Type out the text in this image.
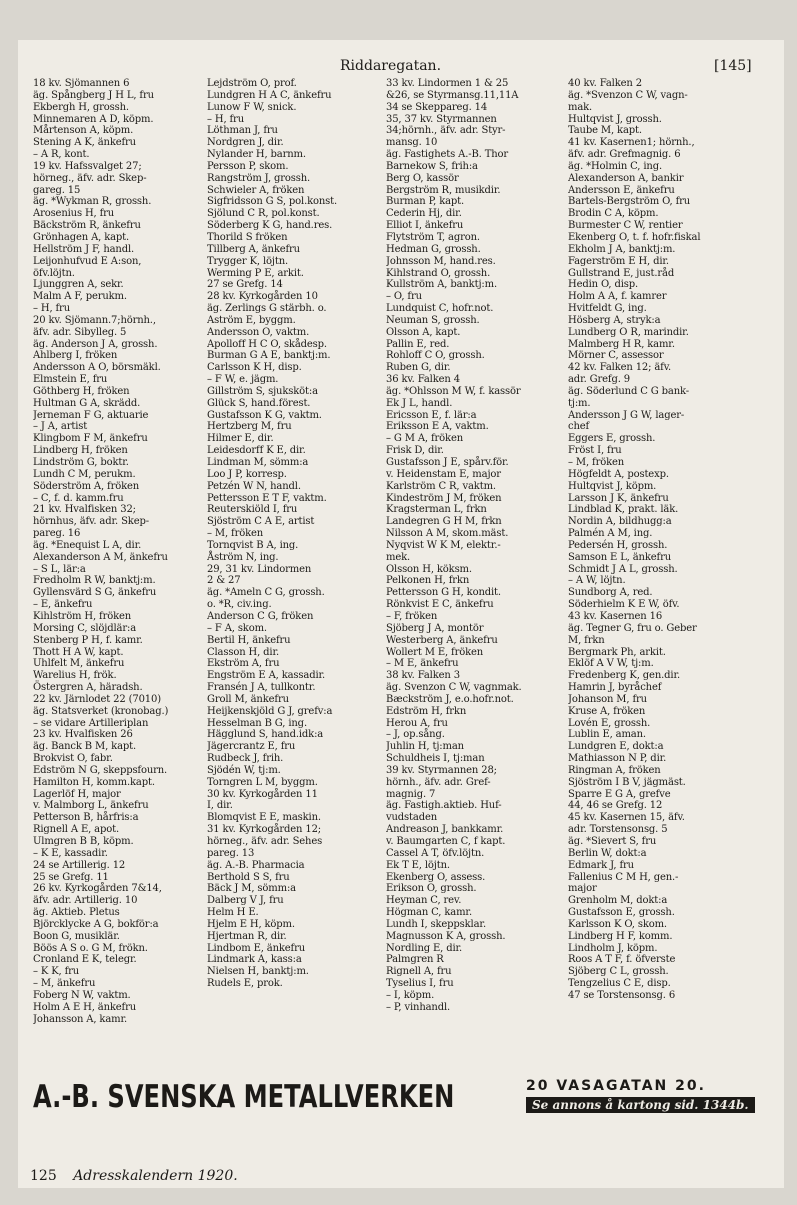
Riddaregatan.	[145]
18 kv. Sjömannen 6
äg. Spångberg J H L, fru
Ekbergh H, grossh.
Minnemaren A D, köpm.
Mårtenson A, köpm.
Stening A K, änkefru
– A R, kont.
19 kv. Hafssvalget 27;
hörneg., äfv. adr. Skep-
gareg. 15
äg. *Wykman R, grossh.
Arosenius H, fru
Bäckström R, änkefru
Grönhagen A, kapt.
Hellström J F, handl.
Leijonhufvud E A:son,
öfv.löjtn.
Ljunggren A, sekr.
Malm A F, perukm.
– H, fru
20 kv. Sjömann.7;hörnh.,
äfv. adr. Sibylleg. 5
äg. Anderson J A, grossh.
Ahlberg I, fröken
Andersson A O, börsmäkl.
Elmstein E, fru
Göthberg H, fröken
Hultman G A, skrädd.
Jerneman F G, aktuarie
– J A, artist
Klingbom F M, änkefru
Lindberg H, fröken
Lindström G, boktr.
Lundh C M, perukm.
Söderström A, fröken
– C, f. d. kamm.fru
21 kv. Hvalfisken 32;
hörnhus, äfv. adr. Skep-
pareg. 16
äg. *Enequist L A, dir.
Alexanderson A M, änkefru
– S L, lär:a
Fredholm R W, banktj:m.
Gyllensvärd S G, änkefru
– E, änkefru
Kihlström H, fröken
Morsing C, slöjdlär:a
Stenberg P H, f. kamr.
Thott H A W, kapt.
Uhlfelt M, änkefru
Warelius H, frök.
Östergren A, häradsh.
22 kv. Järnlodet 22 (7010)
äg. Statsverket (kronobag.)
– se vidare Artilleriplan
23 kv. Hvalfisken 26
äg. Banck B M, kapt.
Brokvist O, fabr.
Edström N G, skeppsfourn.
Hamilton H, komm.kapt.
Lagerlöf H, major
v. Malmborg L, änkefru
Petterson B, hårfris:a
Rignell A E, apot.
Ulmgren B B, köpm.
– K E, kassadir.
24 se Artillerig. 12
25 se Grefg. 11
26 kv. Kyrkogården 7&14,
äfv. adr. Artillerig. 10
äg. Aktieb. Pletus
Björcklycke A G, bokför:a
Boon G, musiklär.
Böös A S o. G M, frökn.
Cronland E K, telegr.
– K K, fru
– M, änkefru
Foberg N W, vaktm.
Holm A E H, änkefru
Johansson A, kamr.
Lejdström O, prof.
Lundgren H A C, änkefru
Lunow F W, snick.
– H, fru
Löthman J, fru
Nordgren J, dir.
Nylander H, barnm.
Persson P, skom.
Rangström J, grossh.
Schwieler A, fröken
Sigfridsson G S, pol.konst.
Sjölund C R, pol.konst.
Söderberg K G, hand.res.
Thorild S fröken
Tillberg A, änkefru
Trygger K, löjtn.
Werming P E, arkit.
27 se Grefg. 14
28 kv. Kyrkogården 10
äg. Zerlings G stärbh. o.
Aström E, byggm.
Andersson O, vaktm.
Apolloff H C O, skådesp.
Burman G A E, banktj:m.
Carlsson K H, disp.
– F W, e. jägm.
Gillström S, sjuksköt:a
Glück S, hand.förest.
Gustafsson K G, vaktm.
Hertzberg M, fru
Hilmer E, dir.
Leidesdorff K E, dir.
Lindman M, sömm:a
Loo J P, korresp.
Petzén W N, handl.
Pettersson E T F, vaktm.
Reuterskiöld I, fru
Sjöström C A E, artist
– M, fröken
Tornqvist B A, ing.
Åström N, ing.
29, 31 kv. Lindormen
2 & 27
äg. *Ameln C G, grossh.
o. *R, civ.ing.
Anderson C G, fröken
– F A, skom.
Bertil H, änkefru
Classon H, dir.
Ekström A, fru
Engström E A, kassadir.
Fransén J A, tullkontr.
Groll M, änkefru
Heijkenskjöld G J, grefv:a
Hesselman B G, ing.
Hägglund S, hand.idk:a
Jägercrantz E, fru
Rudbeck J, frih.
Sjödén W, tj:m.
Torngren L M, byggm.
30 kv. Kyrkogården 11
I, dir.
Blomqvist E E, maskin.
31 kv. Kyrkogården 12;
hörneg., äfv. adr. Sehes
pareg. 13
äg. A.-B. Pharmacia
Berthold S S, fru
Bäck J M, sömm:a
Dalberg V J, fru
Helm H E.
Hjelm E H, köpm.
Hjertman R, dir.
Lindbom E, änkefru
Lindmark A, kass:a
Nielsen H, banktj:m.
Rudels E, prok.
33 kv. Lindormen 1 & 25
&26, se Styrmansg.11,11A
34 se Skeppareg. 14
35, 37 kv. Styrmannen
34;hörnh., äfv. adr. Styr-
mansg. 10
äg. Fastighets A.-B. Thor
Barnekow S, frih:a
Berg O, kassör
Bergström R, musikdir.
Burman P, kapt.
Cederin Hj, dir.
Elliot I, änkefru
Flytström T, agron.
Hedman G, grossh.
Johnsson M, hand.res.
Kihlstrand O, grossh.
Kullström A, banktj:m.
– O, fru
Lundquist C, hofr.not.
Neuman S, grossh.
Olsson A, kapt.
Pallin E, red.
Rohloff C O, grossh.
Ruben G, dir.
36 kv. Falken 4
äg. *Ohlsson M W, f. kassör
Ek J L, handl.
Ericsson E, f. lär:a
Eriksson E A, vaktm.
– G M A, fröken
Frisk D, dir.
Gustafsson J E, spårv.för.
v. Heidenstam E, major
Karlström C R, vaktm.
Kindeström J M, fröken
Kragsterman L, frkn
Landegren G H M, frkn
Nilsson A M, skom.mäst.
Nyqvist W K M, elektr.-
mek.
Olsson H, köksm.
Pelkonen H, frkn
Pettersson G H, kondit.
Rönkvist E C, änkefru
– F, fröken
Sjöberg J A, montör
Westerberg A, änkefru
Wollert M E, fröken
– M E, änkefru
38 kv. Falken 3
äg. Svenzon C W, vagnmak.
Bæckström J, e.o.hofr.not.
Edström H, frkn
Herou A, fru
– J, op.sång.
Juhlin H, tj:man
Schuldheis I, tj:man
39 kv. Styrmannen 28;
hörnh., äfv. adr. Gref-
magnig. 7
äg. Fastigh.aktieb. Huf-
vudstaden
Andreason J, bankkamr.
v. Baumgarten C, f kapt.
Cassel A T, öfv.löjtn.
Ek T E, löjtn.
Ekenberg O, assess.
Erikson O, grossh.
Heyman C, rev.
Högman C, kamr.
Lundh I, skeppsklar.
Magnusson K A, grossh.
Nordling E, dir.
Palmgren R
Rignell A, fru
Tyselius I, fru
– I, köpm.
– P, vinhandl.
40 kv. Falken 2
äg. *Svenzon C W, vagn-
mak.
Hultqvist J, grossh.
Taube M, kapt.
41 kv. Kasernen1; hörnh.,
äfv. adr. Grefmagnig. 6
äg. *Holmin C, ing.
Alexanderson A, bankir
Andersson E, änkefru
Bartels-Bergström O, fru
Brodin C A, köpm.
Burmester C W, rentier
Ekenberg O, t. f. hofr.fiskal
Ekholm J A, banktj:m.
Fagerström E H, dir.
Gullstrand E, just.råd
Hedin O, disp.
Holm A A, f. kamrer
Hvitfeldt G, ing.
Hösberg A, stryk:a
Lundberg O R, marindir.
Malmberg H R, kamr.
Mörner C, assessor
42 kv. Falken 12; äfv.
adr. Grefg. 9
äg. Söderlund C G bank-
tj:m.
Andersson J G W, lager-
chef
Eggers E, grossh.
Fröst I, fru
– M, fröken
Högfeldt A, postexp.
Hultqvist J, köpm.
Larsson J K, änkefru
Lindblad K, prakt. läk.
Nordin A, bildhugg:a
Palmén A M, ing.
Pedersén H, grossh.
Samson E L, änkefru
Schmidt J A L, grossh.
– A W, löjtn.
Sundborg A, red.
Söderhielm K E W, öfv.
43 kv. Kasernen 16
äg. Tegner G, fru o. Geber
M, frkn
Bergmark Ph, arkit.
Eklöf A V W, tj:m.
Fredenberg K, gen.dir.
Hamrin J, byråchef
Johanson M, fru
Kruse A, fröken
Lovén E, grossh.
Lublin E, aman.
Lundgren E, dokt:a
Mathiasson N P, dir.
Ringman A, fröken
Sjöström I B V, jägmäst.
Sparre E G A, grefve
44, 46 se Grefg. 12
45 kv. Kasernen 15, äfv.
adr. Torstensonsg. 5
äg. *Sievert S, fru
Berlin W, dokt:a
Edmark J, fru
Fallenius C M H, gen.-
major
Grenholm M, dokt:a
Gustafsson E, grossh.
Karlsson K O, skom.
Lindberg H F, komm.
Lindholm J, köpm.
Roos A T F, f. öfverste
Sjöberg C L, grossh.
Tengzelius C E, disp.
47 se Torstensonsg. 6
A.-B. SVENSKA METALLVERKEN	20 VASAGATAN 20.
Se annons å kartong sid. 1344b.
125 Adresskalendern 1920.
